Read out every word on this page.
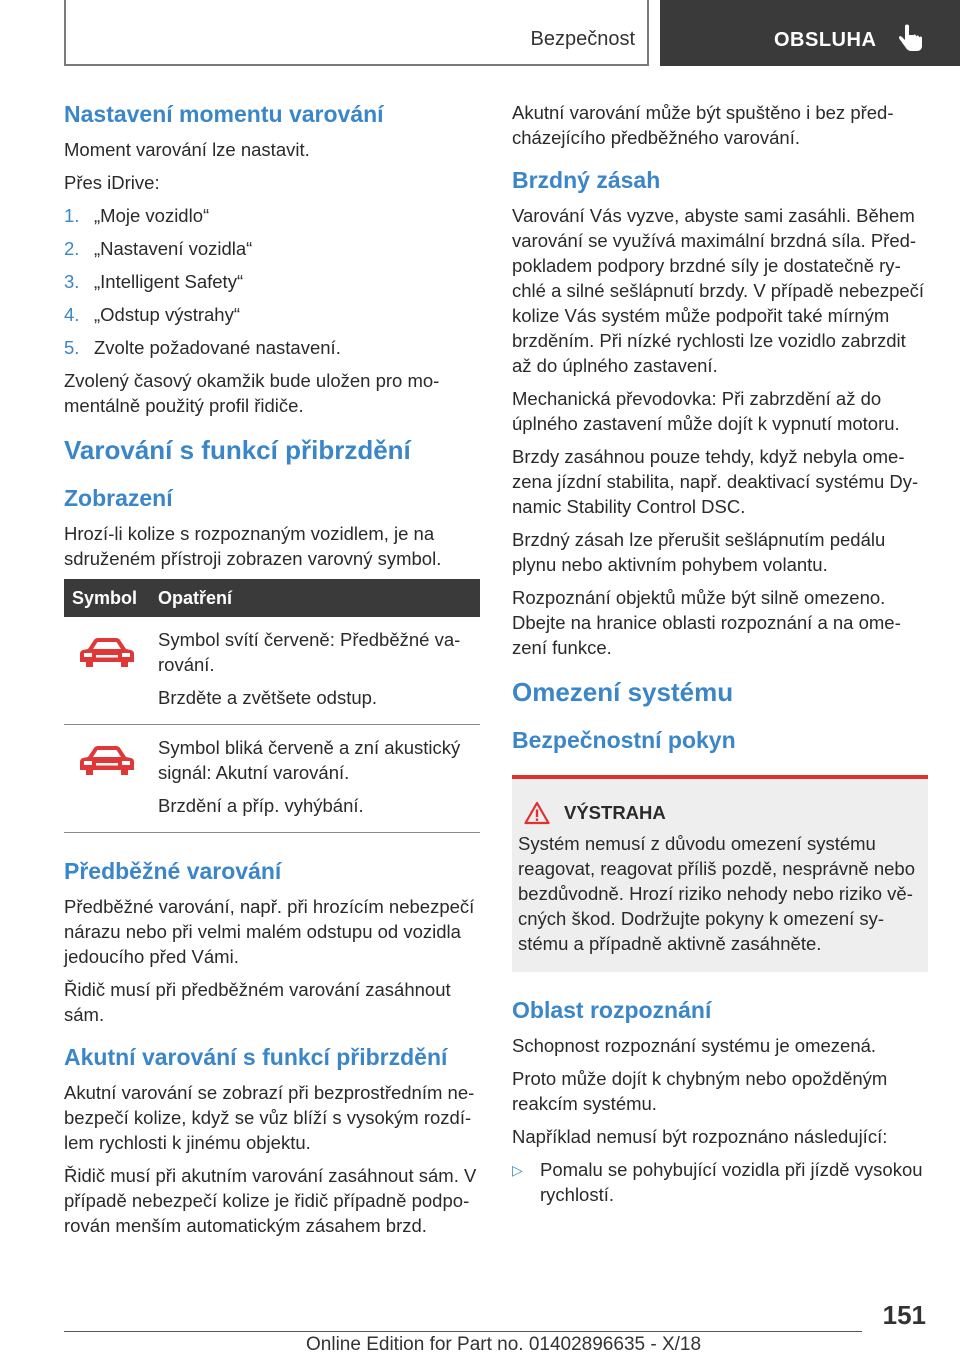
Bezpečnost	OBSLUHA
Nastavení momentu varování

Moment varování lze nastavit.

Přes iDrive:

1. „Moje vozidlo“
2. „Nastavení vozidla“
3. „Intelligent Safety“
4. „Odstup výstrahy“
5. Zvolte požadované nastavení.

Zvolený časový okamžik bude uložen pro momentálně použitý profil řidiče.

Varování s funkcí přibrzdění
Zobrazení

Hrozí-li kolize s rozpoznaným vozidlem, je na sdruženém přístroji zobrazen varovný symbol.

Symbol	Opatření

Symbol svítí červeně: Předběžné varování.

Brzděte a zvětšete odstup.

Symbol bliká červeně a zní akustický signál: Akutní varování.

Brzdění a příp. vyhýbání.

Předběžné varování

Předběžné varování, např. při hrozícím nebezpečí nárazu nebo při velmi malém odstupu od vozidla jedoucího před Vámi.

Řidič musí při předběžném varování zasáhnout sám.

Akutní varování s funkcí přibrzdění

Akutní varování se zobrazí při bezprostředním nebezpečí kolize, když se vůz blíží s vysokým rozdílem rychlosti k jinému objektu.

Řidič musí při akutním varování zasáhnout sám. V případě nebezpečí kolize je řidič případně podporován menším automatickým zásahem brzd.

Akutní varování může být spuštěno i bez předcházejícího předběžného varování.

Brzdný zásah

Varování Vás vyzve, abyste sami zasáhli. Během varování se využívá maximální brzdná síla. Předpokladem podpory brzdné síly je dostatečně rychlé a silné sešlápnutí brzdy. V případě nebezpečí kolize Vás systém může podpořit také mírným brzděním. Při nízké rychlosti lze vozidlo zabrzdit až do úplného zastavení.

Mechanická převodovka: Při zabrzdění až do úplného zastavení může dojít k vypnutí motoru.

Brzdy zasáhnou pouze tehdy, když nebyla omezena jízdní stabilita, např. deaktivací systému Dynamic Stability Control DSC.

Brzdný zásah lze přerušit sešlápnutím pedálu plynu nebo aktivním pohybem volantu.

Rozpoznání objektů může být silně omezeno. Dbejte na hranice oblasti rozpoznání a na omezení funkce.

Omezení systému
Bezpečnostní pokyn
VÝSTRAHA

Systém nemusí z důvodu omezení systému reagovat, reagovat příliš pozdě, nesprávně nebo bezdůvodně. Hrozí riziko nehody nebo riziko věcných škod. Dodržujte pokyny k omezení systému a případně aktivně zasáhněte.

Oblast rozpoznání

Schopnost rozpoznání systému je omezená.

Proto může dojít k chybným nebo opožděným reakcím systému.

Například nemusí být rozpoznáno následující:

▷ Pomalu se pohybující vozidla při jízdě vysokou rychlostí.
151
Online Edition for Part no. 01402896635 - X/18
